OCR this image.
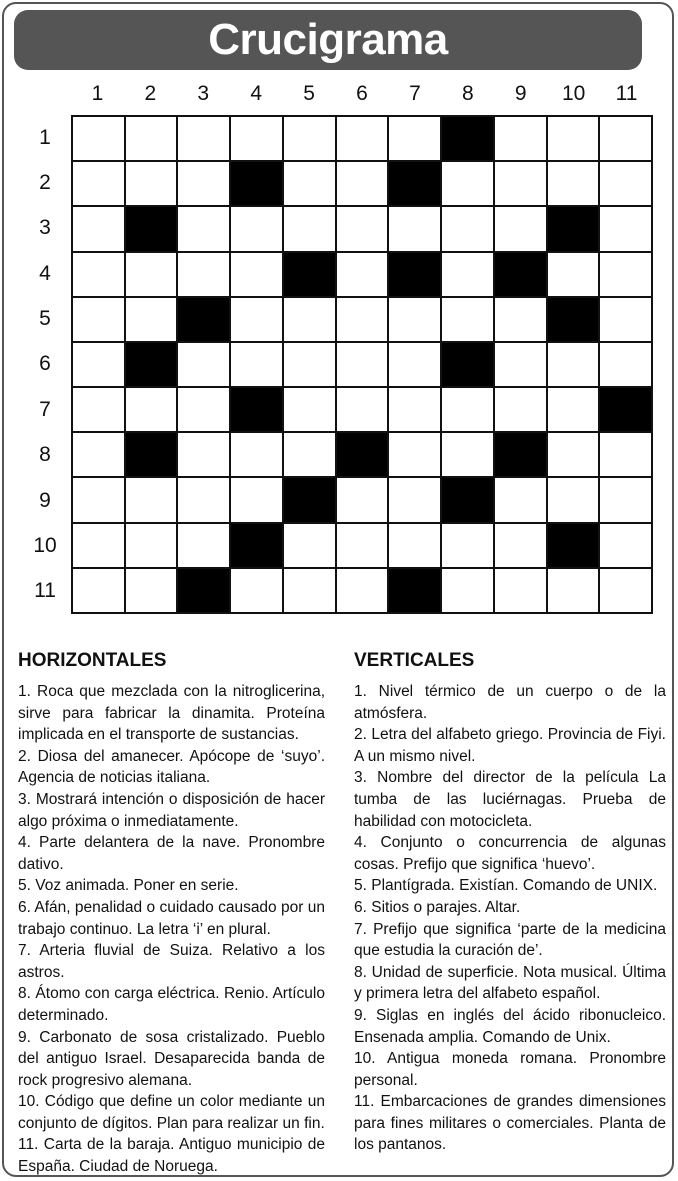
Crucigrama
1	2	3	4	5	6	7	8	9	10	11
1
2
3
4
5
6
7
8
9
10
11
HORIZONTALES

1. Roca que mezclada con la nitroglicerina, sirve para fabricar la dinamita. Proteína implicada en el transporte de sustancias.

2. Diosa del amanecer. Apócope de ‘suyo’. Agencia de noticias italiana.

3. Mostrará intención o disposición de hacer algo próxima o inmediatamente.

4. Parte delantera de la nave. Pronombre dativo.

5. Voz animada. Poner en serie.

6. Afán, penalidad o cuidado causado por un trabajo continuo. La letra ‘i’ en plural.

7. Arteria fluvial de Suiza. Relativo a los astros.

8. Átomo con carga eléctrica. Renio. Artículo determinado.

9. Carbonato de sosa cristalizado. Pueblo del antiguo Israel. Desaparecida banda de rock progresivo alemana.

10. Código que define un color mediante un conjunto de dígitos. Plan para realizar un fin.

11. Carta de la baraja. Antiguo municipio de España. Ciudad de Noruega.

VERTICALES

1. Nivel térmico de un cuerpo o de la atmósfera.

2. Letra del alfabeto griego. Provincia de Fiyi. A un mismo nivel.

3. Nombre del director de la película La tumba de las luciérnagas. Prueba de habilidad con motocicleta.

4. Conjunto o concurrencia de algunas cosas. Prefijo que significa ‘huevo’.

5. Plantígrada. Existían. Comando de UNIX.

6. Sitios o parajes. Altar.

7. Prefijo que significa ‘parte de la medicina que estudia la curación de’.

8. Unidad de superficie. Nota musical. Última y primera letra del alfabeto español.

9. Siglas en inglés del ácido ribonucleico. Ensenada amplia. Comando de Unix.

10. Antigua moneda romana. Pronombre personal.

11. Embarcaciones de grandes dimensiones para fines militares o comerciales. Planta de los pantanos.
